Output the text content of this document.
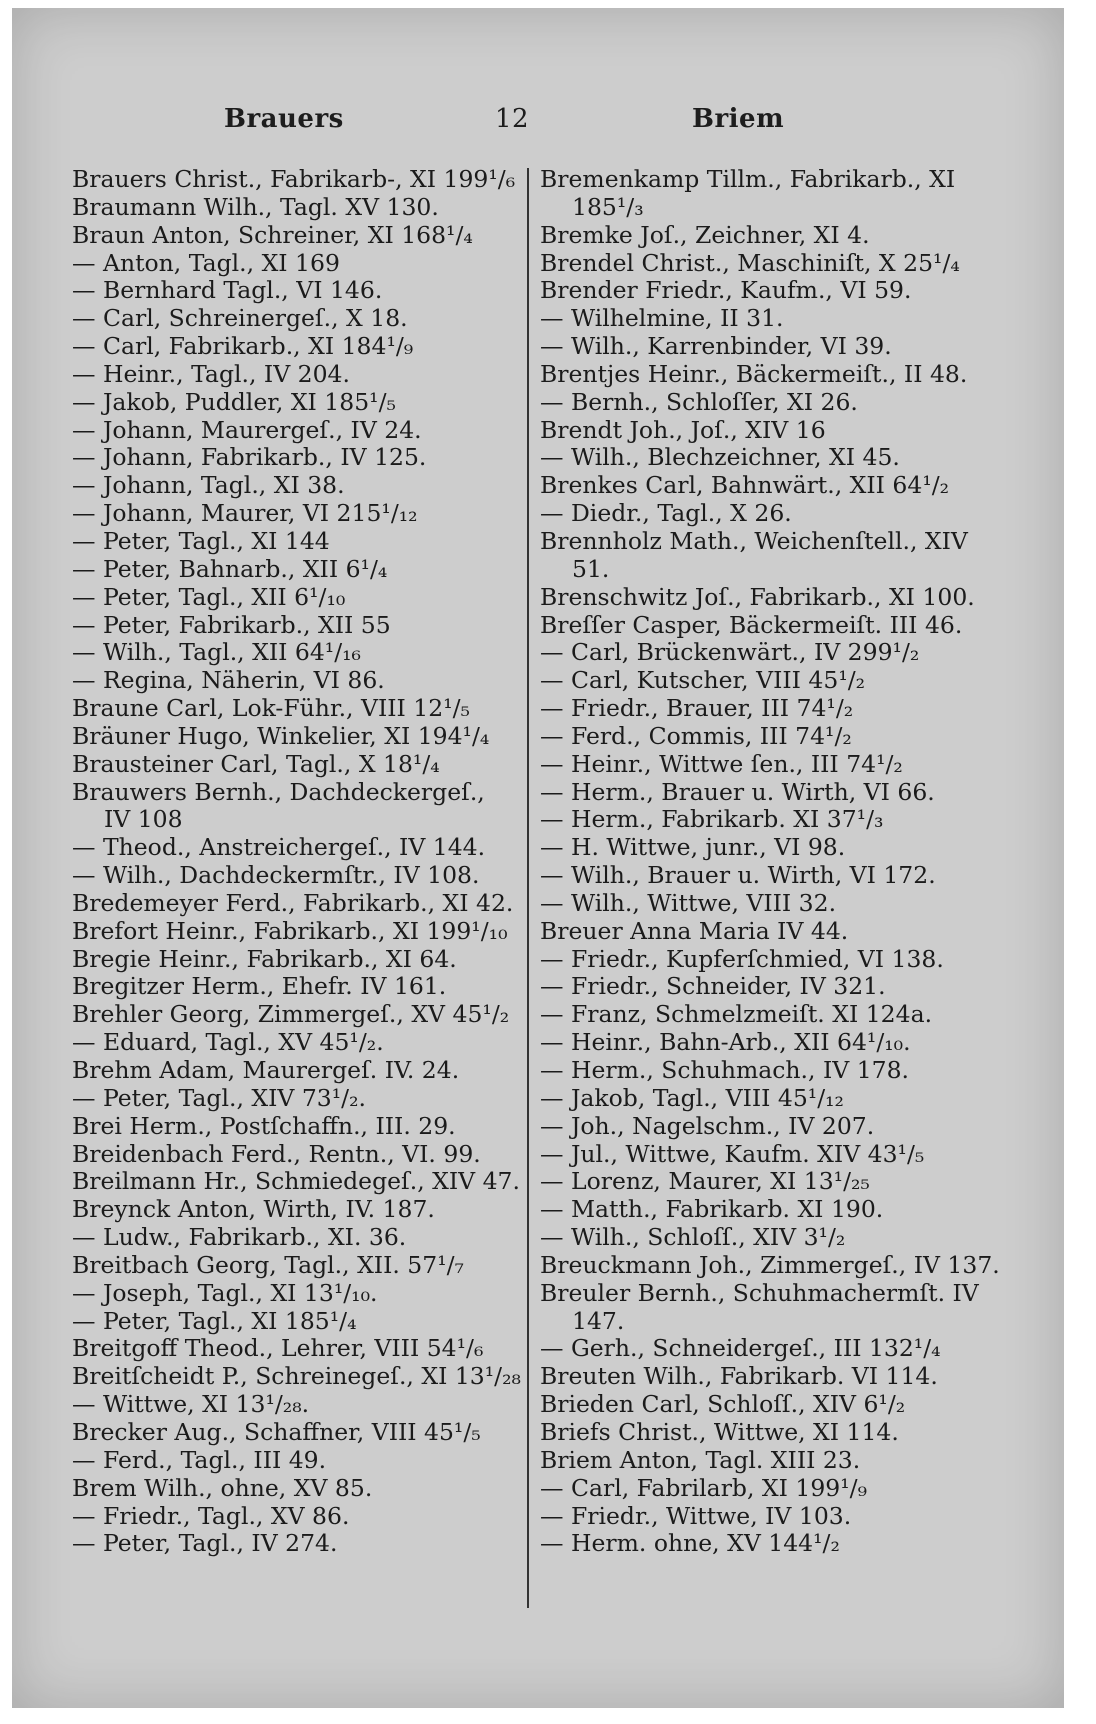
Brauers	12	Briem
Brauers Christ., Fabrikarb-, XI 199¹/₆
Braumann Wilh., Tagl. XV 130.
Braun Anton, Schreiner, XI 168¹/₄
— Anton, Tagl., XI 169
— Bernhard Tagl., VI 146.
— Carl, Schreinergeſ., X 18.
— Carl, Fabrikarb., XI 184¹/₉
— Heinr., Tagl., IV 204.
— Jakob, Puddler, XI 185¹/₅
— Johann, Maurergeſ., IV 24.
— Johann, Fabrikarb., IV 125.
— Johann, Tagl., XI 38.
— Johann, Maurer, VI 215¹/₁₂
— Peter, Tagl., XI 144
— Peter, Bahnarb., XII 6¹/₄
— Peter, Tagl., XII 6¹/₁₀
— Peter, Fabrikarb., XII 55
— Wilh., Tagl., XII 64¹/₁₆
— Regina, Näherin, VI 86.
Braune Carl, Lok-Führ., VIII 12¹/₅
Bräuner Hugo, Winkelier, XI 194¹/₄
Brausteiner Carl, Tagl., X 18¹/₄
Brauwers Bernh., Dachdeckergeſ.,
IV 108
— Theod., Anstreichergeſ., IV 144.
— Wilh., Dachdeckermſtr., IV 108.
Bredemeyer Ferd., Fabrikarb., XI 42.
Brefort Heinr., Fabrikarb., XI 199¹/₁₀
Bregie Heinr., Fabrikarb., XI 64.
Bregitzer Herm., Ehefr. IV 161.
Brehler Georg, Zimmergeſ., XV 45¹/₂
— Eduard, Tagl., XV 45¹/₂.
Brehm Adam, Maurergeſ. IV. 24.
— Peter, Tagl., XIV 73¹/₂.
Brei Herm., Postſchaffn., III. 29.
Breidenbach Ferd., Rentn., VI. 99.
Breilmann Hr., Schmiedegeſ., XIV 47.
Breynck Anton, Wirth, IV. 187.
— Ludw., Fabrikarb., XI. 36.
Breitbach Georg, Tagl., XII. 57¹/₇
— Joseph, Tagl., XI 13¹/₁₀.
— Peter, Tagl., XI 185¹/₄
Breitgoff Theod., Lehrer, VIII 54¹/₆
Breitſcheidt P., Schreinegeſ., XI 13¹/₂₈
— Wittwe, XI 13¹/₂₈.
Brecker Aug., Schaffner, VIII 45¹/₅
— Ferd., Tagl., III 49.
Brem Wilh., ohne, XV 85.
— Friedr., Tagl., XV 86.
— Peter, Tagl., IV 274.
Bremenkamp Tillm., Fabrikarb., XI
185¹/₃
Bremke Joſ., Zeichner, XI 4.
Brendel Christ., Maschiniſt, X 25¹/₄
Brender Friedr., Kaufm., VI 59.
— Wilhelmine, II 31.
— Wilh., Karrenbinder, VI 39.
Brentjes Heinr., Bäckermeiſt., II 48.
— Bernh., Schloſſer, XI 26.
Brendt Joh., Joſ., XIV 16
— Wilh., Blechzeichner, XI 45.
Brenkes Carl, Bahnwärt., XII 64¹/₂
— Diedr., Tagl., X 26.
Brennholz Math., Weichenſtell., XIV
51.
Brenschwitz Joſ., Fabrikarb., XI 100.
Breſſer Casper, Bäckermeiſt. III 46.
— Carl, Brückenwärt., IV 299¹/₂
— Carl, Kutscher, VIII 45¹/₂
— Friedr., Brauer, III 74¹/₂
— Ferd., Commis, III 74¹/₂
— Heinr., Wittwe ſen., III 74¹/₂
— Herm., Brauer u. Wirth, VI 66.
— Herm., Fabrikarb. XI 37¹/₃
— H. Wittwe, junr., VI 98.
— Wilh., Brauer u. Wirth, VI 172.
— Wilh., Wittwe, VIII 32.
Breuer Anna Maria IV 44.
— Friedr., Kupferſchmied, VI 138.
— Friedr., Schneider, IV 321.
— Franz, Schmelzmeiſt. XI 124a.
— Heinr., Bahn-Arb., XII 64¹/₁₀.
— Herm., Schuhmach., IV 178.
— Jakob, Tagl., VIII 45¹/₁₂
— Joh., Nagelschm., IV 207.
— Jul., Wittwe, Kaufm. XIV 43¹/₅
— Lorenz, Maurer, XI 13¹/₂₅
— Matth., Fabrikarb. XI 190.
— Wilh., Schloſſ., XIV 3¹/₂
Breuckmann Joh., Zimmergeſ., IV 137.
Breuler Bernh., Schuhmachermſt. IV
147.
— Gerh., Schneidergeſ., III 132¹/₄
Breuten Wilh., Fabrikarb. VI 114.
Brieden Carl, Schloſſ., XIV 6¹/₂
Briefs Christ., Wittwe, XI 114.
Briem Anton, Tagl. XIII 23.
— Carl, Fabrilarb, XI 199¹/₉
— Friedr., Wittwe, IV 103.
— Herm. ohne, XV 144¹/₂
